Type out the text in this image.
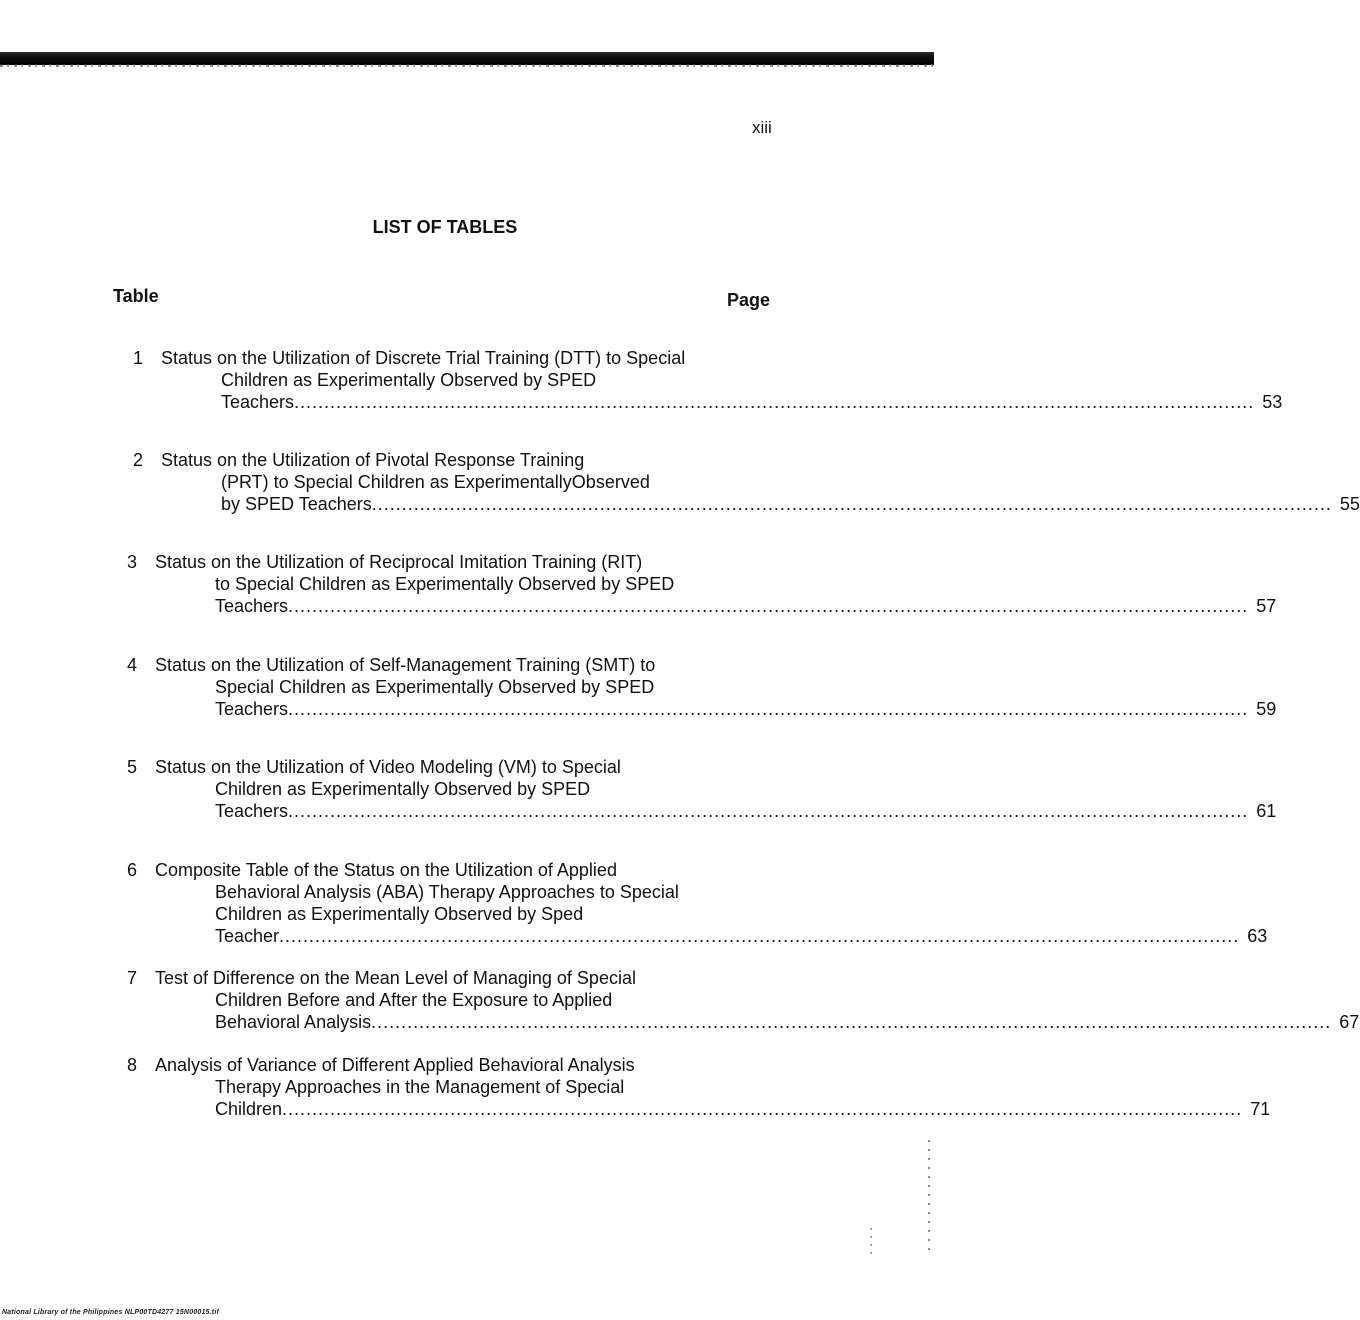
xiii
LIST OF TABLES
Table	Page
1 Status on the Utilization of Discrete Trial Training (DTT) to Special
Children as Experimentally Observed by SPED
Teachers ................................................................................................................................................................ 53
2 Status on the Utilization of Pivotal Response Training
(PRT) to Special Children as ExperimentallyObserved
by SPED Teachers ................................................................................................................................................................ 55
3 Status on the Utilization of Reciprocal Imitation Training (RIT)
to Special Children as Experimentally Observed by SPED
Teachers ................................................................................................................................................................ 57
4 Status on the Utilization of Self-Management Training (SMT) to
Special Children as Experimentally Observed by SPED
Teachers ................................................................................................................................................................ 59
5 Status on the Utilization of Video Modeling (VM) to Special
Children as Experimentally Observed by SPED
Teachers ................................................................................................................................................................ 61
6 Composite Table of the Status on the Utilization of Applied
Behavioral Analysis (ABA) Therapy Approaches to Special
Children as Experimentally Observed by Sped
Teacher ................................................................................................................................................................ 63
7 Test of Difference on the Mean Level of Managing of Special
Children Before and After the Exposure to Applied
Behavioral Analysis ................................................................................................................................................................ 67
8 Analysis of Variance of Different Applied Behavioral Analysis
Therapy Approaches in the Management of Special
Children ................................................................................................................................................................ 71
National Library of the Philippines NLP00TD4277 15N00015.tif
